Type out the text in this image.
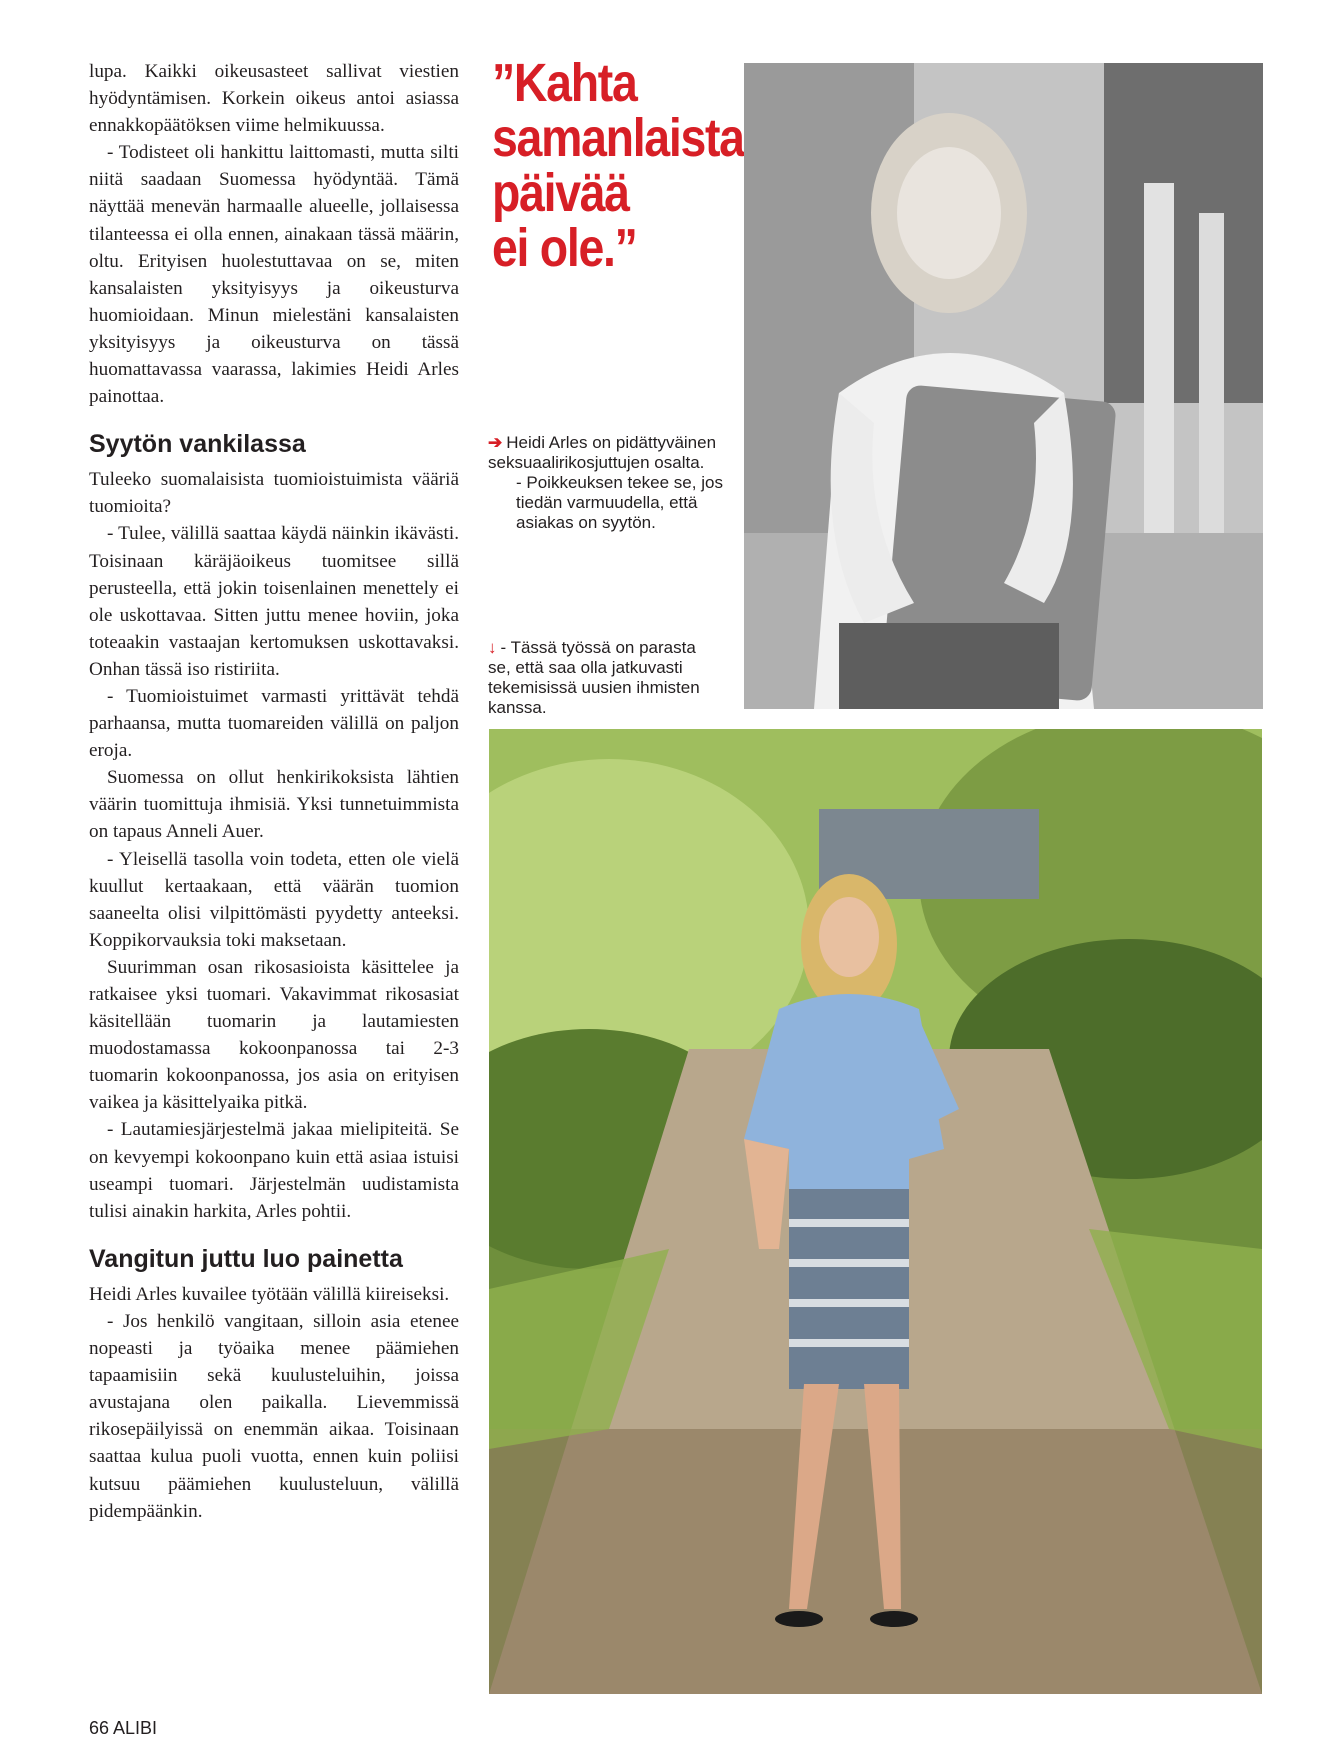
lupa. Kaikki oikeusasteet sallivat viestien hyödyntämisen. Korkein oikeus antoi asiassa ennakkopäätöksen viime helmikuussa.

- Todisteet oli hankittu laittomasti, mutta silti niitä saadaan Suomessa hyödyntää. Tämä näyttää menevän harmaalle alueelle, jollaisessa tilanteessa ei olla ennen, ainakaan tässä määrin, oltu. Erityisen huolestuttavaa on se, miten kansalaisten yksityisyys ja oikeusturva huomioidaan. Minun mielestäni kansalaisten yksityisyys ja oikeusturva on tässä huomattavassa vaarassa, lakimies Heidi Arles painottaa.

Syytön vankilassa

Tuleeko suomalaisista tuomioistuimista vääriä tuomioita?

- Tulee, välillä saattaa käydä näinkin ikävästi. Toisinaan käräjäoikeus tuomitsee sillä perusteella, että jokin toisenlainen menettely ei ole uskottavaa. Sitten juttu menee hoviin, joka toteaakin vastaajan kertomuksen uskottavaksi. Onhan tässä iso ristiriita.

- Tuomioistuimet varmasti yrittävät tehdä parhaansa, mutta tuomareiden välillä on paljon eroja.

Suomessa on ollut henkirikoksista lähtien väärin tuomittuja ihmisiä. Yksi tunnetuimmista on tapaus Anneli Auer.

- Yleisellä tasolla voin todeta, etten ole vielä kuullut kertaakaan, että väärän tuomion saaneelta olisi vilpittömästi pyydetty anteeksi. Koppikorvauksia toki maksetaan.

Suurimman osan rikosasioista käsittelee ja ratkaisee yksi tuomari. Vakavimmat rikosasiat käsitellään tuomarin ja lautamiesten muodostamassa kokoonpanossa tai 2-3 tuomarin kokoonpanossa, jos asia on erityisen vaikea ja käsittelyaika pitkä.

- Lautamiesjärjestelmä jakaa mielipiteitä. Se on kevyempi kokoonpano kuin että asiaa istuisi useampi tuomari. Järjestelmän uudistamista tulisi ainakin harkita, Arles pohtii.

Vangitun juttu luo painetta

Heidi Arles kuvailee työtään välillä kiireiseksi.

- Jos henkilö vangitaan, silloin asia etenee nopeasti ja työaika menee päämiehen tapaamisiin sekä kuulusteluihin, joissa avustajana olen paikalla. Lievemmissä rikosepäilyissä on enemmän aikaa. Toisinaan saattaa kulua puoli vuotta, ennen kuin poliisi kutsuu päämiehen kuulusteluun, välillä pidempäänkin.

”Kahta
samanlaista
päivää
ei ole.”
➔ Heidi Arles on pidättyväinen seksuaalirikosjuttujen osalta.
- Poikkeuksen tekee se, jos tiedän varmuudella, että asiakas on syytön.
↓ - Tässä työssä on parasta se, että saa olla jatkuvasti tekemisissä uusien ihmisten kanssa.
66 ALIBI
